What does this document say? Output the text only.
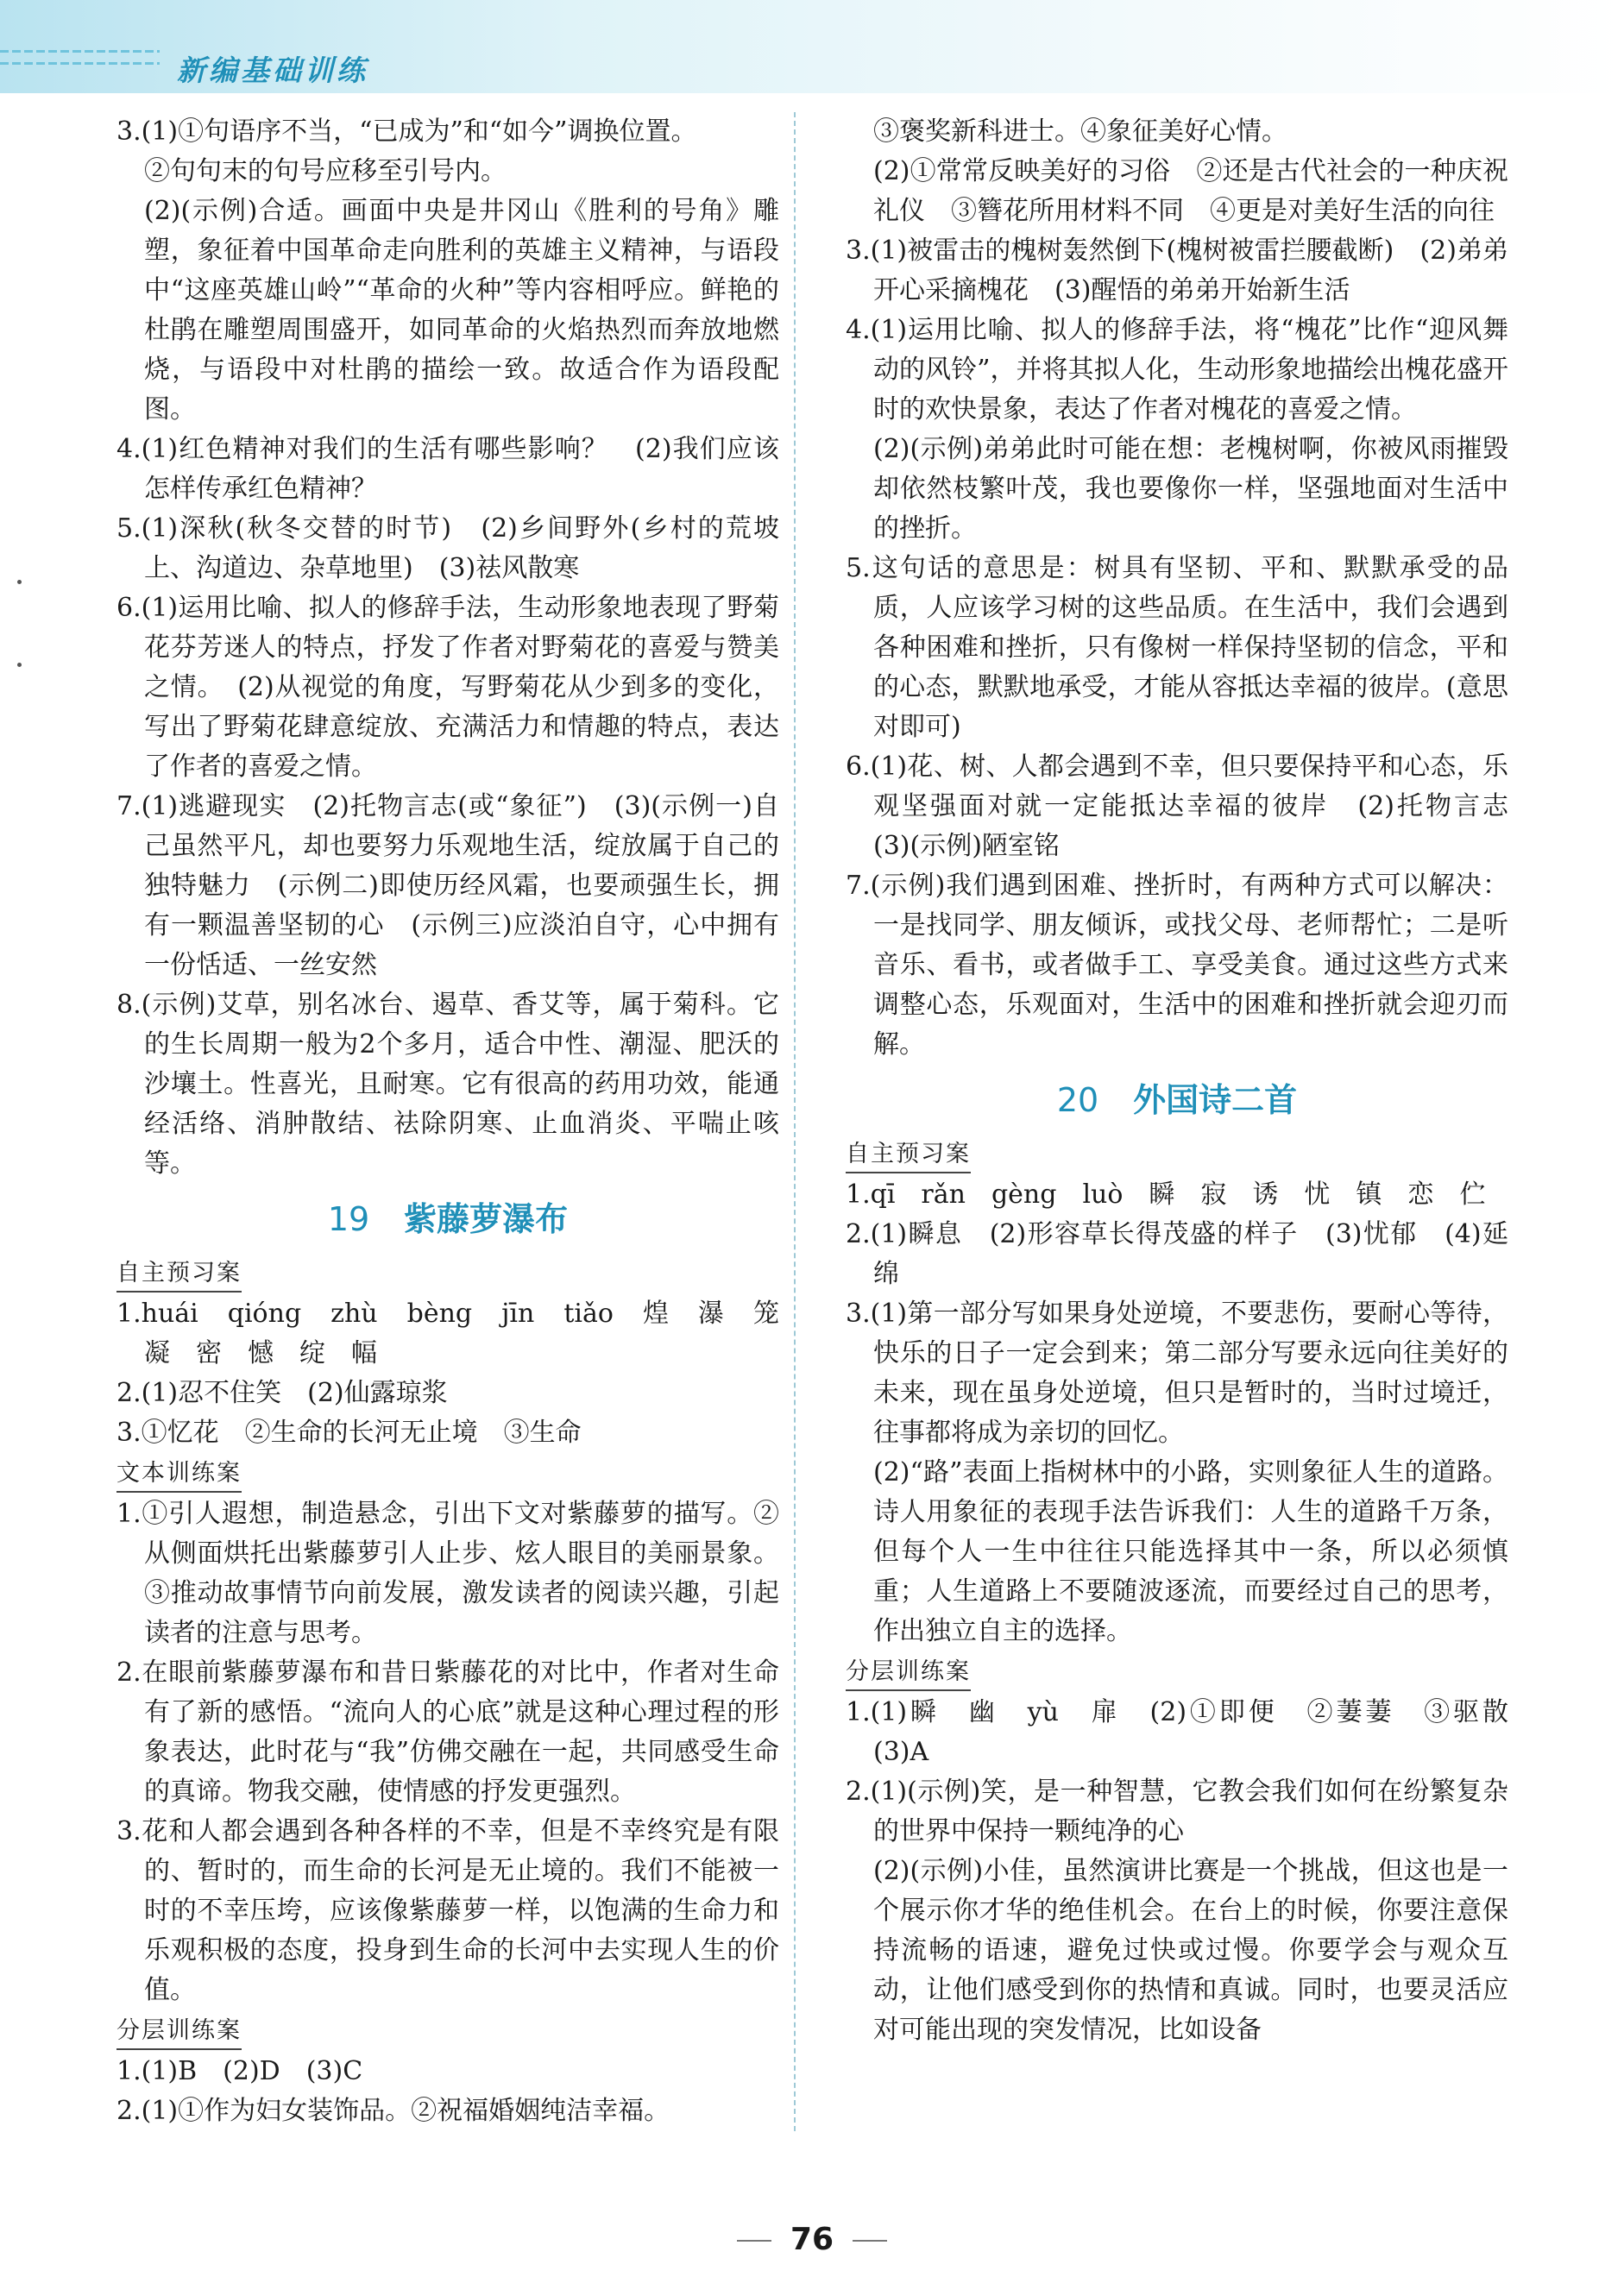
新编基础训练

3.(1)①句语序不当，“已成为”和“如今”调换位置。

②句句末的句号应移至引号内。

(2)(示例)合适。画面中央是井冈山《胜利的号角》雕塑，象征着中国革命走向胜利的英雄主义精神，与语段中“这座英雄山岭”“革命的火种”等内容相呼应。鲜艳的杜鹃在雕塑周围盛开，如同革命的火焰热烈而奔放地燃烧，与语段中对杜鹃的描绘一致。故适合作为语段配图。

4.(1)红色精神对我们的生活有哪些影响？　(2)我们应该怎样传承红色精神？

5.(1)深秋(秋冬交替的时节)　(2)乡间野外(乡村的荒坡上、沟道边、杂草地里)　(3)祛风散寒

6.(1)运用比喻、拟人的修辞手法，生动形象地表现了野菊花芬芳迷人的特点，抒发了作者对野菊花的喜爱与赞美之情。　(2)从视觉的角度，写野菊花从少到多的变化，写出了野菊花肆意绽放、充满活力和情趣的特点，表达了作者的喜爱之情。

7.(1)逃避现实　(2)托物言志(或“象征”)　(3)(示例一)自己虽然平凡，却也要努力乐观地生活，绽放属于自己的独特魅力　(示例二)即使历经风霜，也要顽强生长，拥有一颗温善坚韧的心　(示例三)应淡泊自守，心中拥有一份恬适、一丝安然

8.(示例)艾草，别名冰台、遏草、香艾等，属于菊科。它的生长周期一般为2个多月，适合中性、潮湿、肥沃的沙壤土。性喜光，且耐寒。它有很高的药用功效，能通经活络、消肿散结、祛除阴寒、止血消炎、平喘止咳等。

19 紫藤萝瀑布
自主预习案

1.huái　qióng　zhù　bèng　jīn　tiǎo　煌　瀑　笼　凝　密　憾　绽　幅

2.(1)忍不住笑　(2)仙露琼浆

3.①忆花　②生命的长河无止境　③生命

文本训练案

1.①引人遐想，制造悬念，引出下文对紫藤萝的描写。②从侧面烘托出紫藤萝引人止步、炫人眼目的美丽景象。③推动故事情节向前发展，激发读者的阅读兴趣，引起读者的注意与思考。

2.在眼前紫藤萝瀑布和昔日紫藤花的对比中，作者对生命有了新的感悟。“流向人的心底”就是这种心理过程的形象表达，此时花与“我”仿佛交融在一起，共同感受生命的真谛。物我交融，使情感的抒发更强烈。

3.花和人都会遇到各种各样的不幸，但是不幸终究是有限的、暂时的，而生命的长河是无止境的。我们不能被一时的不幸压垮，应该像紫藤萝一样，以饱满的生命力和乐观积极的态度，投身到生命的长河中去实现人生的价值。

分层训练案

1.(1)B　(2)D　(3)C

2.(1)①作为妇女装饰品。②祝福婚姻纯洁幸福。

③褒奖新科进士。④象征美好心情。

(2)①常常反映美好的习俗　②还是古代社会的一种庆祝礼仪　③簪花所用材料不同　④更是对美好生活的向往

3.(1)被雷击的槐树轰然倒下(槐树被雷拦腰截断)　(2)弟弟开心采摘槐花　(3)醒悟的弟弟开始新生活

4.(1)运用比喻、拟人的修辞手法，将“槐花”比作“迎风舞动的风铃”，并将其拟人化，生动形象地描绘出槐花盛开时的欢快景象，表达了作者对槐花的喜爱之情。

(2)(示例)弟弟此时可能在想：老槐树啊，你被风雨摧毁却依然枝繁叶茂，我也要像你一样，坚强地面对生活中的挫折。

5.这句话的意思是：树具有坚韧、平和、默默承受的品质，人应该学习树的这些品质。在生活中，我们会遇到各种困难和挫折，只有像树一样保持坚韧的信念，平和的心态，默默地承受，才能从容抵达幸福的彼岸。(意思对即可)

6.(1)花、树、人都会遇到不幸，但只要保持平和心态，乐观坚强面对就一定能抵达幸福的彼岸　(2)托物言志　(3)(示例)陋室铭

7.(示例)我们遇到困难、挫折时，有两种方式可以解决：一是找同学、朋友倾诉，或找父母、老师帮忙；二是听音乐、看书，或者做手工、享受美食。通过这些方式来调整心态，乐观面对，生活中的困难和挫折就会迎刃而解。

20 外国诗二首
自主预习案

1.qī　rǎn　gèng　luò　瞬　寂　诱　忧　镇　恋　伫

2.(1)瞬息　(2)形容草长得茂盛的样子　(3)忧郁　(4)延绵

3.(1)第一部分写如果身处逆境，不要悲伤，要耐心等待，快乐的日子一定会到来；第二部分写要永远向往美好的未来，现在虽身处逆境，但只是暂时的，当时过境迁，往事都将成为亲切的回忆。

(2)“路”表面上指树林中的小路，实则象征人生的道路。诗人用象征的表现手法告诉我们：人生的道路千万条，但每个人一生中往往只能选择其中一条，所以必须慎重；人生道路上不要随波逐流，而要经过自己的思考，作出独立自主的选择。

分层训练案

1.(1)瞬　幽　yù　扉　(2)①即便　②萋萋　③驱散　(3)A

2.(1)(示例)笑，是一种智慧，它教会我们如何在纷繁复杂的世界中保持一颗纯净的心

(2)(示例)小佳，虽然演讲比赛是一个挑战，但这也是一个展示你才华的绝佳机会。在台上的时候，你要注意保持流畅的语速，避免过快或过慢。你要学会与观众互动，让他们感受到你的热情和真诚。同时，也要灵活应对可能出现的突发情况，比如设备

76
